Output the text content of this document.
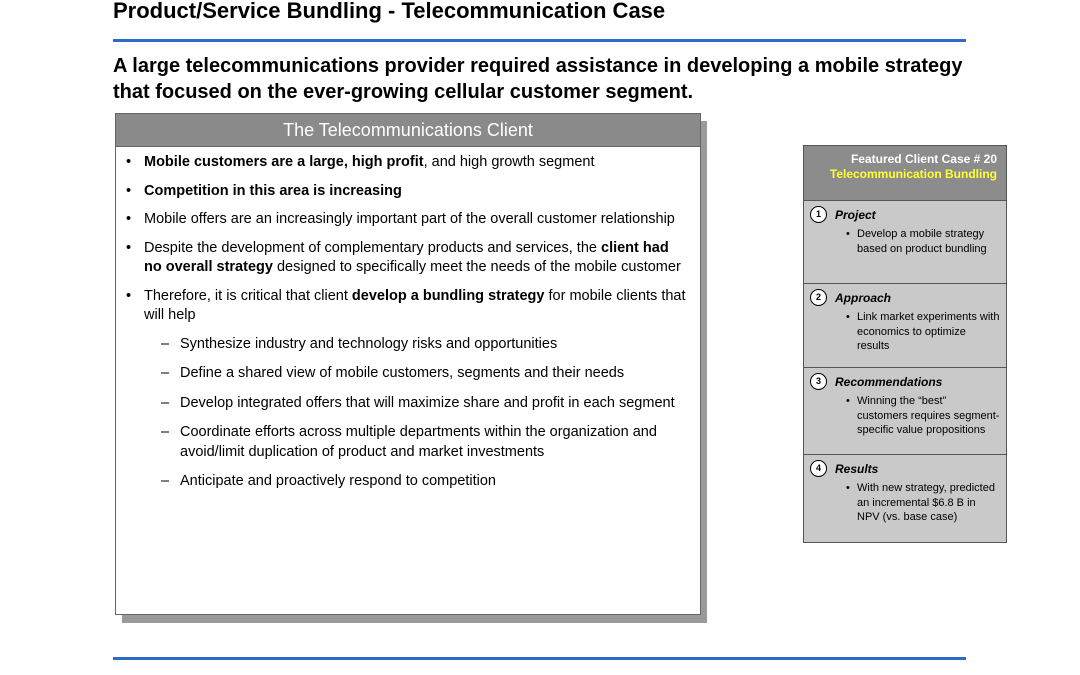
Product/Service Bundling - Telecommunication Case
A large telecommunications provider required assistance in developing a mobile strategy that focused on the ever-growing cellular customer segment.
The Telecommunications Client
• Mobile customers are a large, high profit, and high growth segment
• Competition in this area is increasing
• Mobile offers are an increasingly important part of the overall customer relationship
• Despite the development of complementary products and services, the client had no overall strategy designed to specifically meet the needs of the mobile customer
• Therefore, it is critical that client develop a bundling strategy for mobile clients that will help
– Synthesize industry and technology risks and opportunities
– Define a shared view of mobile customers, segments and their needs
– Develop integrated offers that will maximize share and profit in each segment
– Coordinate efforts across multiple departments within the organization and avoid/limit duplication of product and market investments
– Anticipate and proactively respond to competition
Featured Client Case # 20
Telecommunication Bundling
1	Project
• Develop a mobile strategy based on product bundling
2	Approach
• Link market experiments with economics to optimize results
3	Recommendations
• Winning the “best” customers requires segment-specific value propositions
4	Results
• With new strategy, predicted an incremental $6.8 B in NPV (vs. base case)
